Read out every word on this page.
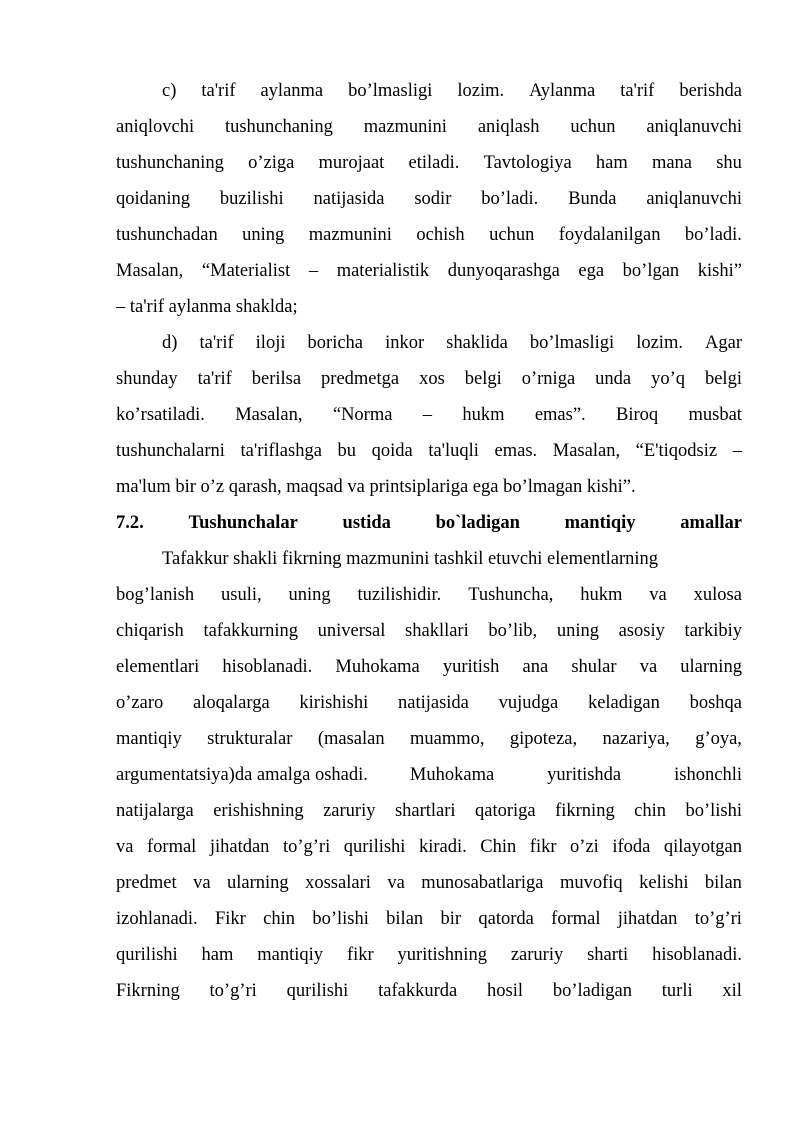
c) ta'rif aylanma bo’lmasligi lozim. Aylanma ta'rif berishda
aniqlovchi tushunchaning mazmunini aniqlash uchun aniqlanuvchi
tushunchaning o’ziga murojaat etiladi. Tavtologiya ham mana shu
qoidaning buzilishi natijasida sodir bo’ladi. Bunda aniqlanuvchi
tushunchadan uning mazmunini ochish uchun foydalanilgan bo’ladi.
Masalan, “Materialist – materialistik dunyoqarashga ega bo’lgan kishi”
– ta'rif aylanma shaklda;
d) ta'rif iloji boricha inkor shaklida bo’lmasligi lozim. Agar
shunday ta'rif berilsa predmetga xos belgi o’rniga unda yo’q belgi
ko’rsatiladi. Masalan, “Norma – hukm emas”. Biroq musbat
tushunchalarni ta'riflashga bu qoida ta'luqli emas. Masalan, “E'tiqodsiz –
ma'lum bir o’z qarash, maqsad va printsiplariga ega bo’lmagan kishi”.
7.2. Tushunchalar ustida bo`ladigan mantiqiy amallar
Tafakkur shakli fikrning mazmunini tashkil etuvchi elementlarning
bog’lanish usuli, uning tuzilishidir. Tushuncha, hukm va xulosa
chiqarish tafakkurning universal shakllari bo’lib, uning asosiy tarkibiy
elementlari hisoblanadi. Muhokama yuritish ana shular va ularning
o’zaro aloqalarga kirishishi natijasida vujudga keladigan boshqa
mantiqiy strukturalar (masalan muammo, gipoteza, nazariya, g’oya,
argumentatsiya)da amalga oshadi. Muhokama	yuritishda	ishonchli
natijalarga erishishning zaruriy shartlari qatoriga fikrning chin bo’lishi
va formal jihatdan to’g’ri qurilishi kiradi. Chin fikr o’zi ifoda qilayotgan
predmet va ularning xossalari va munosabatlariga muvofiq kelishi bilan
izohlanadi. Fikr chin bo’lishi bilan bir qatorda formal jihatdan to’g’ri
qurilishi ham mantiqiy fikr yuritishning zaruriy sharti hisoblanadi.
Fikrning to’g’ri qurilishi tafakkurda hosil bo’ladigan turli xil
